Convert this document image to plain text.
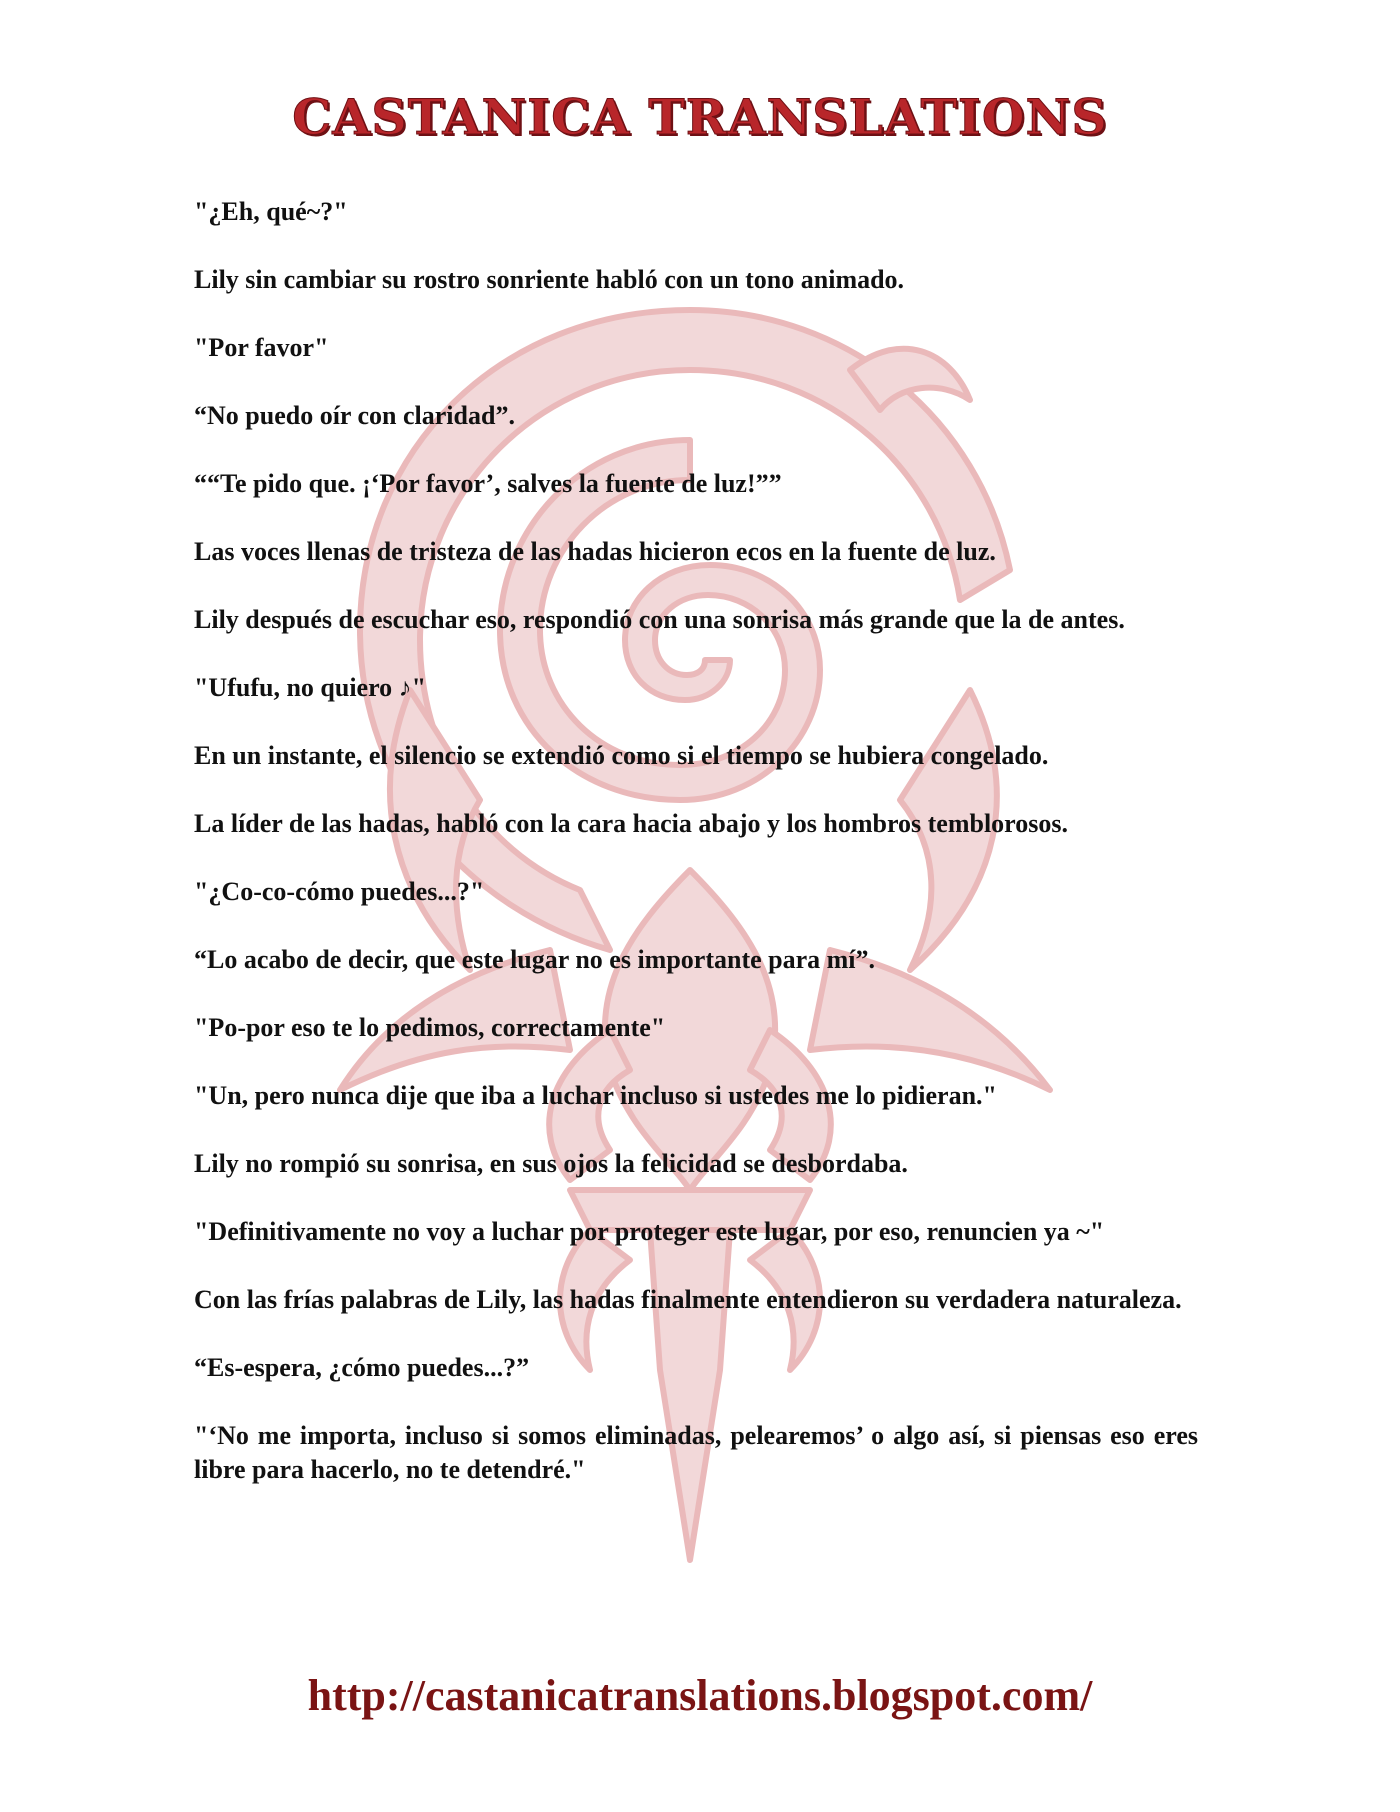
CASTANICA TRANSLATIONS

"¿Eh, qué~?"

Lily sin cambiar su rostro sonriente habló con un tono animado.

"Por favor"

“No puedo oír con claridad”.

““Te pido que. ¡‘Por favor’, salves la fuente de luz!””

Las voces llenas de tristeza de las hadas hicieron ecos en la fuente de luz.

Lily después de escuchar eso, respondió con una sonrisa más grande que la de antes.

"Ufufu, no quiero ♪"

En un instante, el silencio se extendió como si el tiempo se hubiera congelado.

La líder de las hadas, habló con la cara hacia abajo y los hombros temblorosos.

"¿Co-co-cómo puedes...?"

“Lo acabo de decir, que este lugar no es importante para mí”.

"Po-por eso te lo pedimos, correctamente"

"Un, pero nunca dije que iba a luchar incluso si ustedes me lo pidieran."

Lily no rompió su sonrisa, en sus ojos la felicidad se desbordaba.

"Definitivamente no voy a luchar por proteger este lugar, por eso, renuncien ya ~"

Con las frías palabras de Lily, las hadas finalmente entendieron su verdadera naturaleza.

“Es-espera, ¿cómo puedes...?”

"‘No me importa, incluso si somos eliminadas, pelearemos’ o algo así, si piensas eso eres libre para hacerlo, no te detendré."

http://castanicatranslations.blogspot.com/
